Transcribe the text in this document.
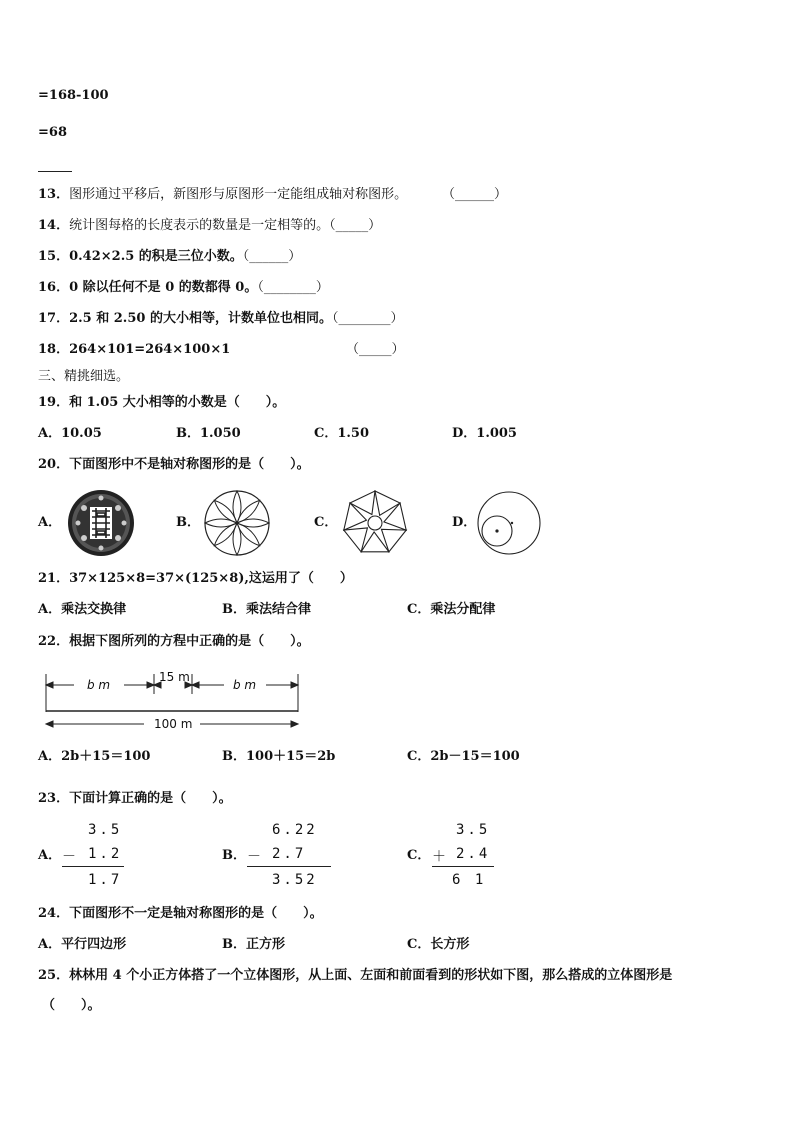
=168-100
=68
13．图形通过平移后，新图形与原图形一定能组成轴对称图形。	（______）
14．统计图每格的长度表示的数量是一定相等的。（_____）
15．0.42×2.5 的积是三位小数。（______）
16．0 除以任何不是 0 的数都得 0。（________）
17．2.5 和 2.50 的大小相等，计数单位也相同。（________）
18．264×101=264×100×1	（_____）
三、精挑细选。
19．和 1.05 大小相等的小数是（　　）。
A．10.05	B．1.050	C．1.50	D．1.005
20．下面图形中不是轴对称图形的是（　　）。
A．	B．	C．	D．
21．37×125×8=37×(125×8),这运用了（　　）
A．乘法交换律	B．乘法结合律	C．乘法分配律
22．根据下图所列的方程中正确的是（　　）。
b m
15 m
b m
100 m
A．2b＋15＝100	B．100＋15＝2b	C．2b－15＝100
23．下面计算正确的是（　　）。
A．
3.5
－ 1.2
1.7
B．
6.22
－ 2.7
3.52
C．
3.5
＋ 2.4
6 1
24．下面图形不一定是轴对称图形的是（　　）。
A．平行四边形	B．正方形	C．长方形
25．林林用 4 个小正方体搭了一个立体图形，从上面、左面和前面看到的形状如下图，那么搭成的立体图形是
（　　）。
